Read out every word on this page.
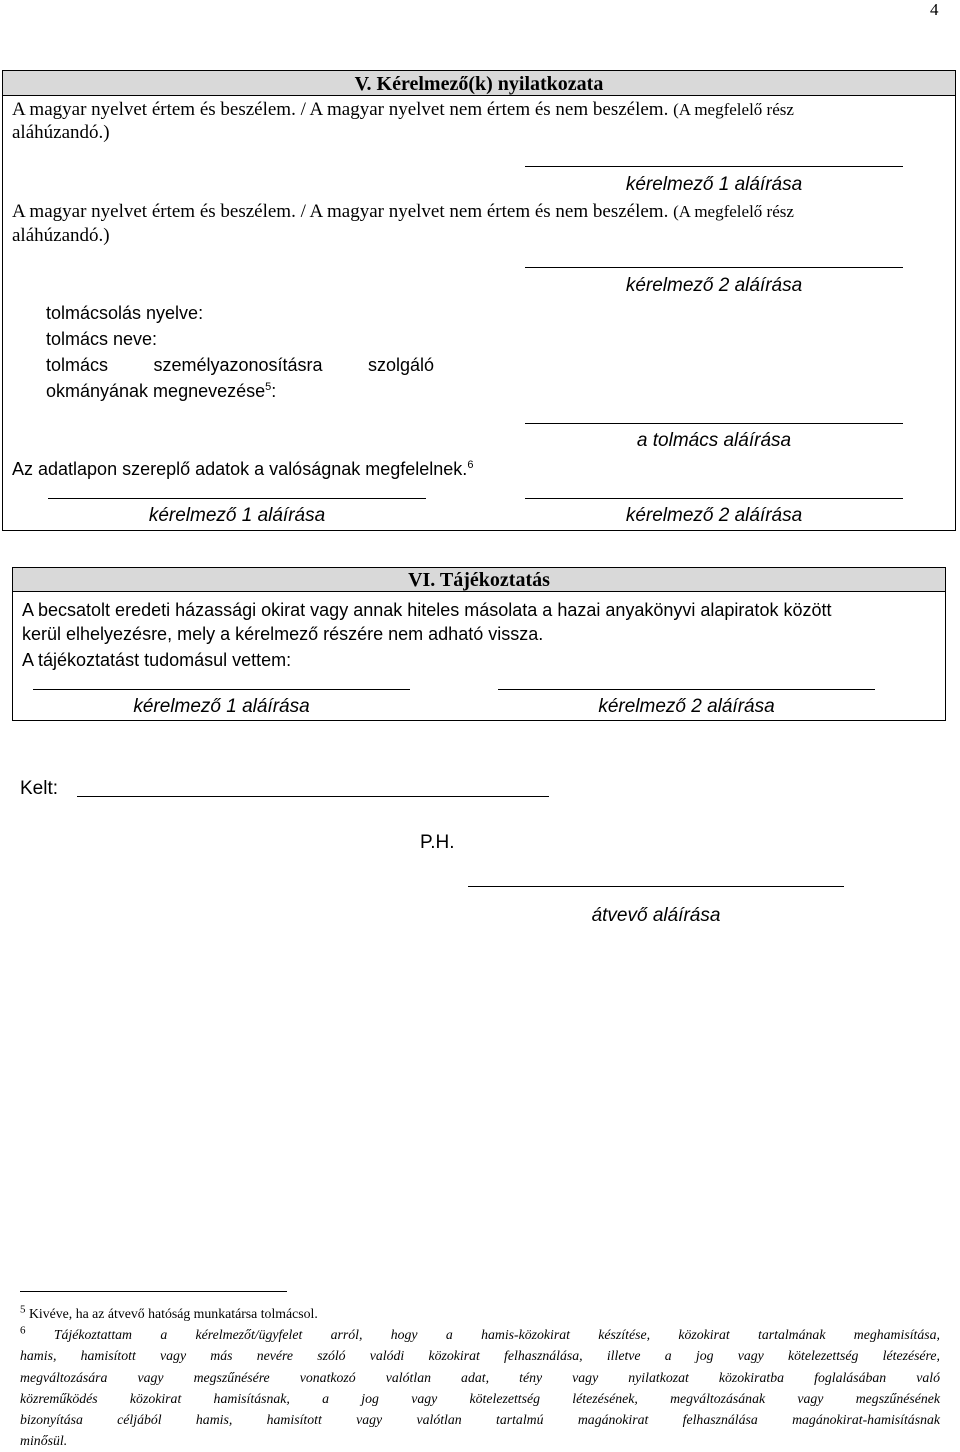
4
V. Kérelmező(k) nyilatkozata
A magyar nyelvet értem és beszélem. / A magyar nyelvet nem értem és nem beszélem. (A megfelelő rész
aláhúzandó.)
kérelmező 1 aláírása
A magyar nyelvet értem és beszélem. / A magyar nyelvet nem értem és nem beszélem. (A megfelelő rész
aláhúzandó.)
kérelmező 2 aláírása
tolmácsolás nyelve:
tolmács neve:
tolmács	személyazonosításra	szolgáló
okmányának megnevezése$^5$:
a tolmács aláírása
Az adatlapon szereplő adatok a valóságnak megfelelnek.$^6$
kérelmező 1 aláírása	kérelmező 2 aláírása
VI. Tájékoztatás
A becsatolt eredeti házassági okirat vagy annak hiteles másolata a hazai anyakönyvi alapiratok között
kerül elhelyezésre, mely a kérelmező részére nem adható vissza.
A tájékoztatást tudomásul vettem:
kérelmező 1 aláírása	kérelmező 2 aláírása
Kelt:
P.H.
átvevő aláírása
$^5$ Kivéve, ha az átvevő hatóság munkatársa tolmácsol.
$^6$ Tájékoztattam a kérelmezőt/ügyfelet arról, hogy a hamis-közokirat készítése, közokirat tartalmának meghamisítása,
hamis, hamisított vagy más nevére szóló valódi közokirat felhasználása, illetve a jog vagy kötelezettség létezésére,
megváltozására vagy megszűnésére vonatkozó valótlan adat, tény vagy nyilatkozat közokiratba foglalásában való
közreműködés közokirat hamisításnak, a jog vagy kötelezettség létezésének, megváltozásának vagy megszűnésének
bizonyítása céljából hamis, hamisított vagy valótlan tartalmú magánokirat felhasználása magánokirat-hamisításnak
minősül.
